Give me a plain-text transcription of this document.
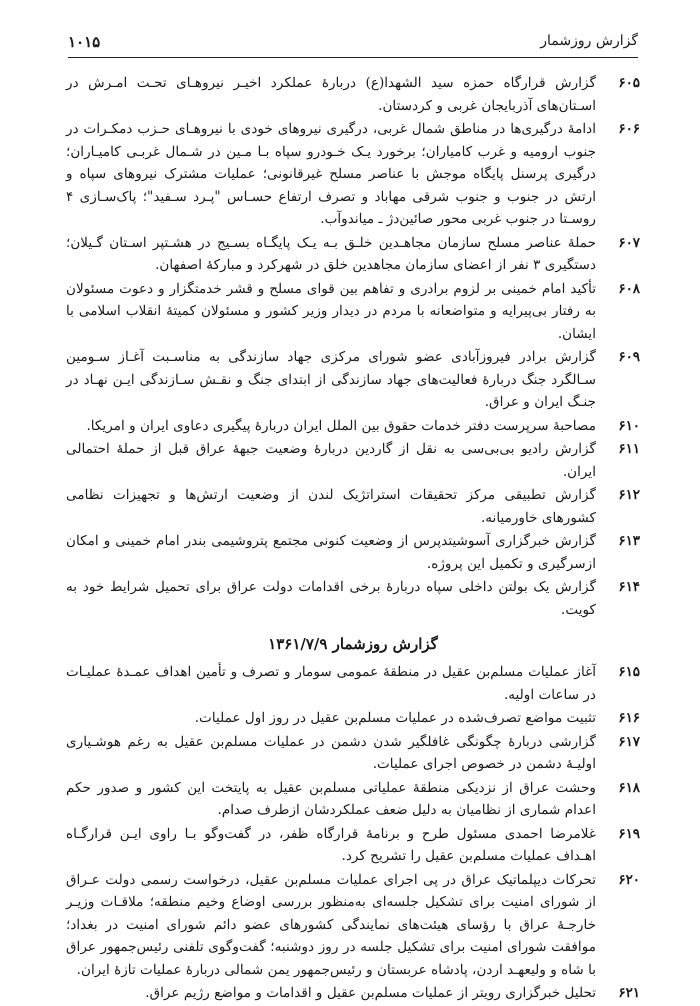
گزارش روزشمار
۱۰۱۵
۶۰۵
گزارش قرارگاه حمزه سید الشهدا(ع) دربارهٔ عملکرد اخیـر نیروهـای تحـت امـرش در اسـتان‌های آذربایجان غربی و کردستان.
۶۰۶
ادامهٔ درگیری‌ها در مناطق شمال غربی، درگیری نیروهای خودی با نیروهـای حـزب دمکـرات در جنوب ارومیه و غرب کامیاران؛ برخورد یـک خـودرو سپاه بـا مـین در شـمال غربـی کامیـاران؛ درگیری پرسنل پایگاه موجش با عناصر مسلح غیرقانونی؛ عملیات مشترک نیروهای سپاه و ارتش در جنوب و جنوب شرقی مهاباد و تصرف ارتفاع حسـاس "پـرد سـفید"؛ پاک‌سـازی ۴ روسـتا در جنوب غربی محور صائین‌دژ ـ میاندوآب.
۶۰۷
حملهٔ عناصر مسلح سازمان مجاهـدین خلـق بـه یـک پایگـاه بسـیج در هشـتپر اسـتان گـیلان؛ دستگیری ۳ نفر از اعضای سازمان مجاهدین خلق در شهرکرد و مبارکهٔ اصفهان.
۶۰۸
تأکید امام خمینی بر لزوم برادری و تفاهم بین قوای مسلح و قشر خدمتگزار و دعوت مسئولان به رفتار بی‌پیرایه و متواضعانه با مردم در دیدار وزیر کشور و مسئولان کمیتهٔ انقلاب اسلامی با ایشان.
۶۰۹
گزارش برادر فیروزآبادی عضو شورای مرکزی جهاد سازندگی به مناسـبت آغـاز سـومین سـالگرد جنگ دربارهٔ فعالیت‌های جهاد سازندگی از ابتدای جنگ و نقـش سـازندگی ایـن نهـاد در جنـگ ایران و عراق.
۶۱۰
مصاحبهٔ سرپرست دفتر خدمات حقوق بین الملل ایران دربارهٔ پیگیری دعاوی ایران و امریکا.
۶۱۱
گزارش رادیو بی‌بی‌سی به نقل از گاردین دربارهٔ وضعیت جبههٔ عراق قبل از حملهٔ احتمالی ایران.
۶۱۲
گزارش تطبیقی مرکز تحقیقات استراتژیک لندن از وضعیت ارتش‌ها و تجهیزات نظامی کشورهای خاورمیانه.
۶۱۳
گزارش خبرگزاری آسوشیتدپرس از وضعیت کنونی مجتمع پتروشیمی بندر امام خمینی و امکان ازسرگیری و تکمیل این پروژه.
۶۱۴
گزارش یک بولتن داخلی سپاه دربارهٔ برخی اقدامات دولت عراق برای تحمیل شرایط خود به کویت.
گزارش روزشمار ۱۳۶۱/۷/۹
۶۱۵
آغاز عملیات مسلم‌بن عقیل در منطقهٔ عمومی سومار و تصرف و تأمین اهداف عمـدهٔ عملیـات در ساعات اولیه.
۶۱۶
تثبیت مواضع تصرف‌شده در عملیات مسلم‌بن عقیل در روز اول عملیات.
۶۱۷
گزارشی دربارهٔ چگونگی غافلگیر شدن دشمن در عملیات مسلم‌بن عقیل به رغم هوشـیاری اولیـهٔ دشمن در خصوص اجرای عملیات.
۶۱۸
وحشت عراق از نزدیکی منطقهٔ عملیاتی مسلم‌بن عقیل به پایتخت این کشور و صدور حکم اعدام شماری از نظامیان به دلیل ضعف عملکردشان ازطرف صدام.
۶۱۹
غلامرضا احمدی مسئول طرح و برنامهٔ قرارگاه ظفر، در گفت‌وگو بـا راوی ایـن قرارگـاه اهـداف عملیات مسلم‌بن عقیل را تشریح کرد.
۶۲۰
تحرکات دیپلماتیک عراق در پی اجرای عملیات مسلم‌بن عقیل، درخواست رسمی دولت عـراق از شورای امنیت برای تشکیل جلسه‌ای به‌منظور بررسی اوضاع وخیم منطقه؛ ملاقـات وزیـر خارجـهٔ عراق با رؤسای هیئت‌های نمایندگی کشورهای عضو دائم شورای امنیت در بغداد؛ موافقت شورای امنیت برای تشکیل جلسه در روز دوشنبه؛ گفت‌وگوی تلفنی رئیس‌جمهور عراق با شاه و ولیعهـد اردن، پادشاه عربستان و رئیس‌جمهور یمن شمالی دربارهٔ عملیات تازهٔ ایران.
۶۲۱
تحلیل خبرگزاری رویتر از عملیات مسلم‌بن عقیل و اقدامات و مواضع رژیم عراق.
